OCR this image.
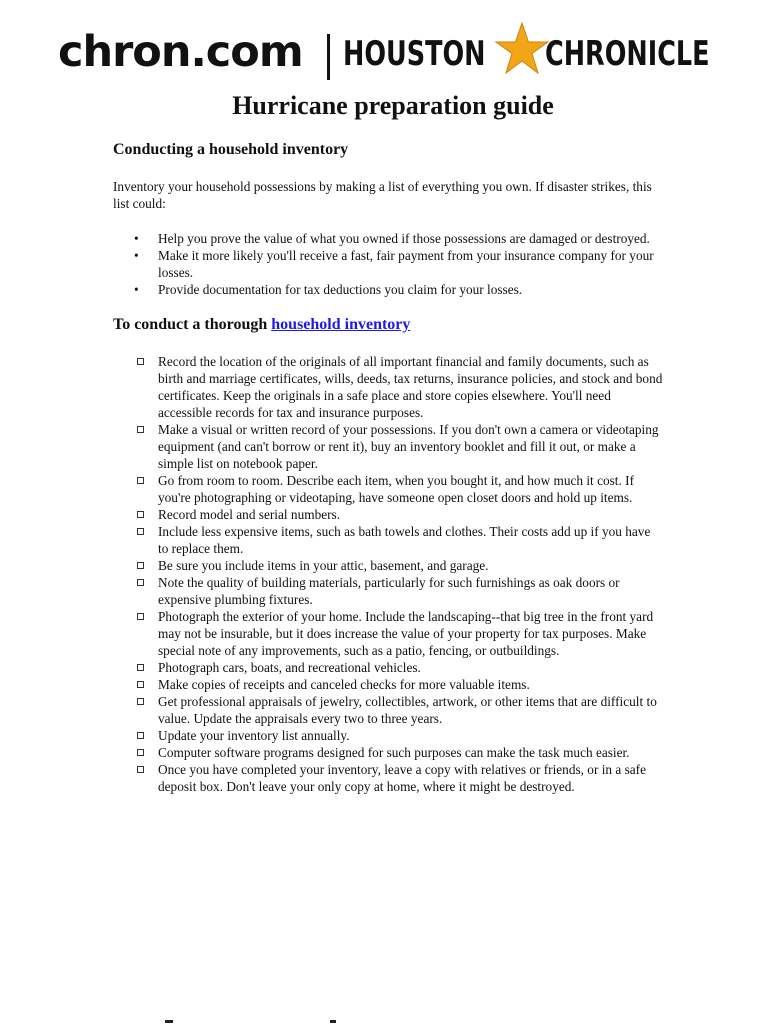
chron.com HOUSTON CHRONICLE
Hurricane preparation guide
Conducting a household inventory

Inventory your household possessions by making a list of everything you own. If disaster strikes, this list could:

• Help you prove the value of what you owned if those possessions are damaged or destroyed.
• Make it more likely you'll receive a fast, fair payment from your insurance company for your losses.
• Provide documentation for tax deductions you claim for your losses.
To conduct a thorough household inventory
Record the location of the originals of all important financial and family documents, such as birth and marriage certificates, wills, deeds, tax returns, insurance policies, and stock and bond certificates. Keep the originals in a safe place and store copies elsewhere. You'll need accessible records for tax and insurance purposes.
Make a visual or written record of your possessions. If you don't own a camera or videotaping equipment (and can't borrow or rent it), buy an inventory booklet and fill it out, or make a simple list on notebook paper.
Go from room to room. Describe each item, when you bought it, and how much it cost. If you're photographing or videotaping, have someone open closet doors and hold up items.
Record model and serial numbers.
Include less expensive items, such as bath towels and clothes. Their costs add up if you have to replace them.
Be sure you include items in your attic, basement, and garage.
Note the quality of building materials, particularly for such furnishings as oak doors or expensive plumbing fixtures.
Photograph the exterior of your home. Include the landscaping--that big tree in the front yard may not be insurable, but it does increase the value of your property for tax purposes. Make special note of any improvements, such as a patio, fencing, or outbuildings.
Photograph cars, boats, and recreational vehicles.
Make copies of receipts and canceled checks for more valuable items.
Get professional appraisals of jewelry, collectibles, artwork, or other items that are difficult to value. Update the appraisals every two to three years.
Update your inventory list annually.
Computer software programs designed for such purposes can make the task much easier.
Once you have completed your inventory, leave a copy with relatives or friends, or in a safe deposit box. Don't leave your only copy at home, where it might be destroyed.
